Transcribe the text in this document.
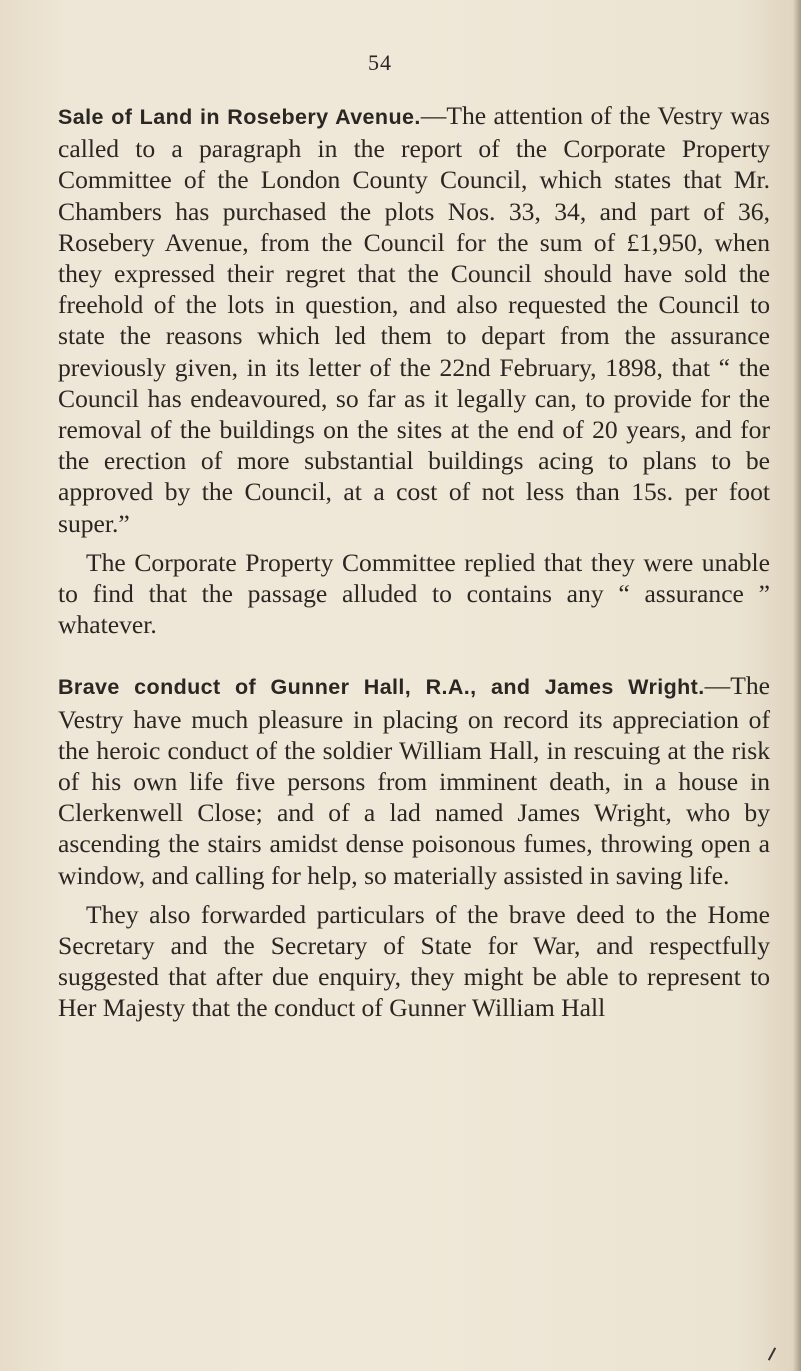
54

Sale of Land in Rosebery Avenue.—The attention of the Vestry was called to a paragraph in the report of the Corporate Property Committee of the London County Council, which states that Mr. Chambers has purchased the plots Nos. 33, 34, and part of 36, Rosebery Avenue, from the Council for the sum of £1,950, when they expressed their regret that the Council should have sold the freehold of the lots in question, and also requested the Council to state the reasons which led them to depart from the assurance previously given, in its letter of the 22nd February, 1898, that “ the Council has endeavoured, so far as it legally can, to provide for the removal of the buildings on the sites at the end of 20 years, and for the erection of more substantial buildings acing to plans to be approved by the Council, at a cost of not less than 15s. per foot super.”

The Corporate Property Committee replied that they were unable to find that the passage alluded to contains any “ assurance ” whatever.

Brave conduct of Gunner Hall, R.A., and James Wright.—The Vestry have much pleasure in placing on record its appreciation of the heroic conduct of the soldier William Hall, in rescuing at the risk of his own life five persons from imminent death, in a house in Clerkenwell Close; and of a lad named James Wright, who by ascending the stairs amidst dense poisonous fumes, throwing open a window, and calling for help, so materially assisted in saving life.

They also forwarded particulars of the brave deed to the Home Secretary and the Secretary of State for War, and respectfully suggested that after due enquiry, they might be able to represent to Her Majesty that the conduct of Gunner William Hall
